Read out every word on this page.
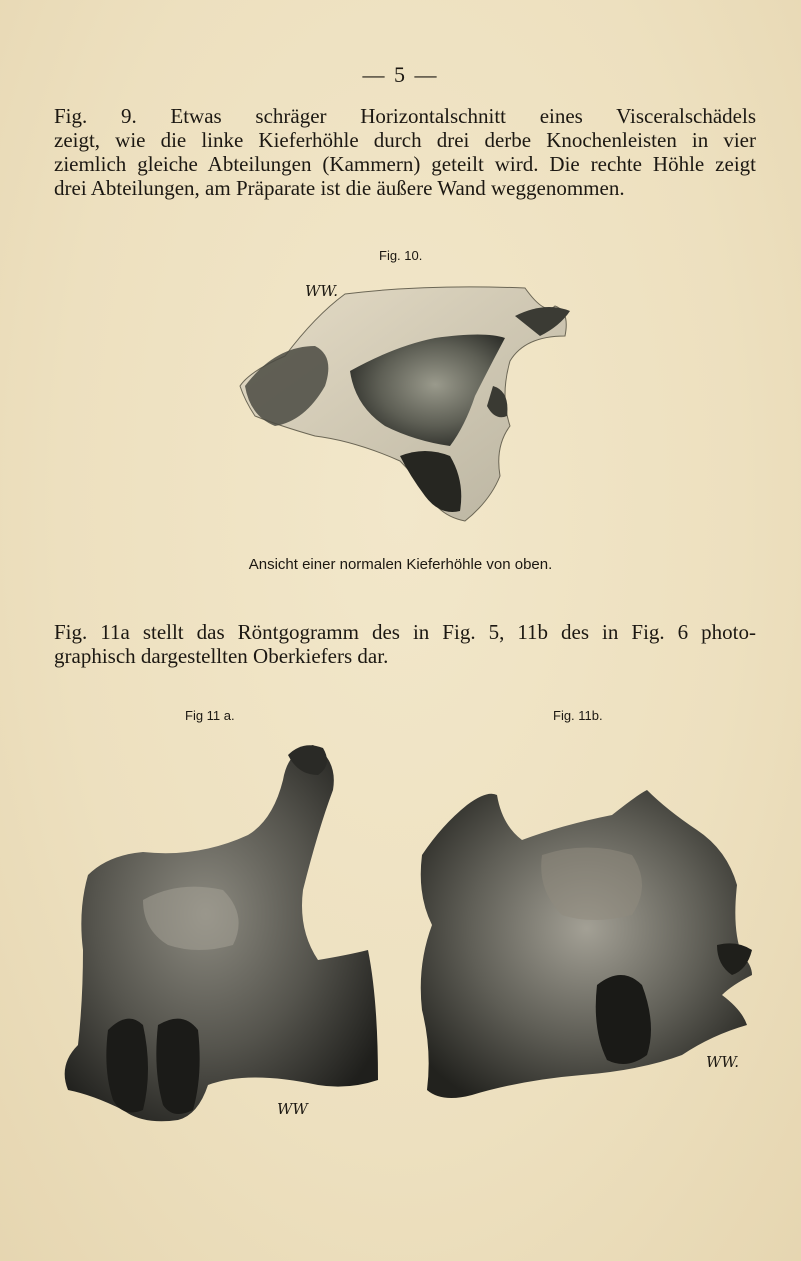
— 5 —

Fig. 9. Etwas schräger Horizontalschnitt eines Visceralschädels
zeigt, wie die linke Kieferhöhle durch drei derbe Knochenleisten in vier
ziemlich gleiche Abteilungen (Kammern) geteilt wird. Die rechte Höhle zeigt
drei Abteilungen, am Präparate ist die äußere Wand weggenommen.

Fig. 10.
WW.
Ansicht einer normalen Kieferhöhle von oben.

Fig. 11a stellt das Röntgogramm des in Fig. 5, 11b des in Fig. 6 photo-
graphisch dargestellten Oberkiefers dar.

Fig 11 a.
WW
Fig. 11b.
WW.
